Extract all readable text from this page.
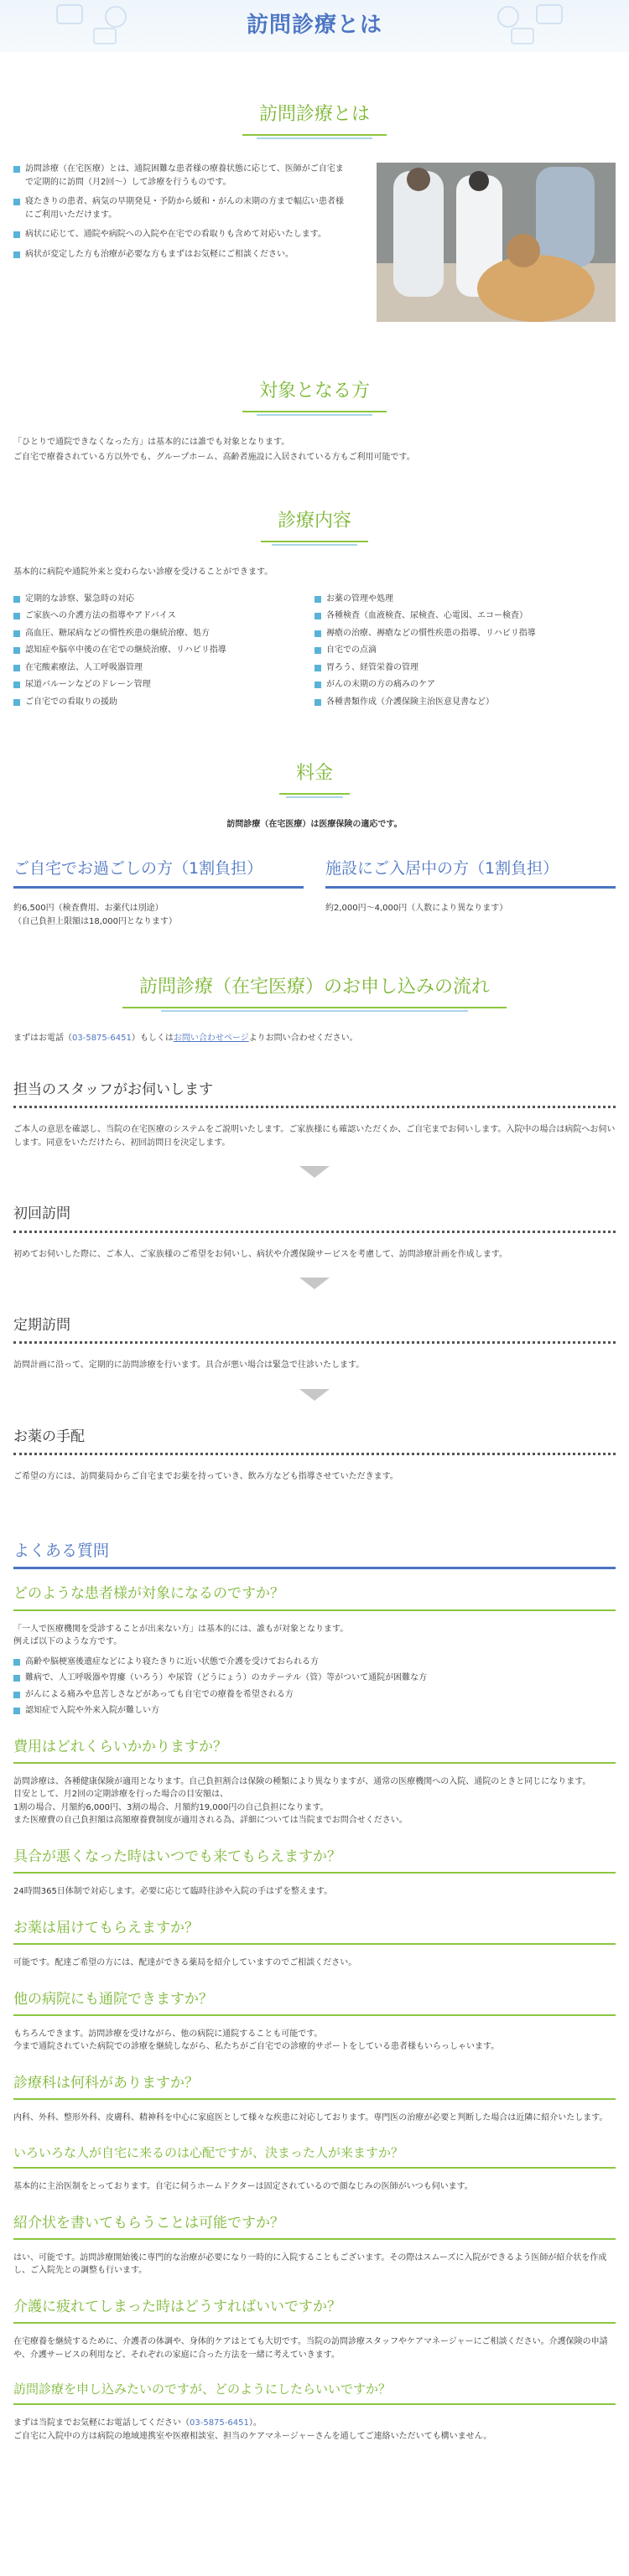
訪問診療とは
訪問診療とは
訪問診療（在宅医療）とは、通院困難な患者様の療養状態に応じて、医師がご自宅まで定期的に訪問（月2回〜）して診療を行うものです。
寝たきりの患者、病気の早期発見・予防から緩和・がんの末期の方まで幅広い患者様にご利用いただけます。
病状に応じて、通院や病院への入院や在宅での看取りも含めて対応いたします。
病状が変定した方も治療が必要な方もまずはお気軽にご相談ください。
対象となる方

「ひとりで通院できなくなった方」は基本的には誰でも対象となります。

ご自宅で療養されている方以外でも、グループホーム、高齢者施設に入居されている方もご利用可能です。

診療内容

基本的に病院や通院外来と変わらない診療を受けることができます。

定期的な診察、緊急時の対応
ご家族への介護方法の指導やアドバイス
高血圧、糖尿病などの慣性疾患の継続治療、処方
認知症や脳卒中後の在宅での継続治療、リハビリ指導
在宅酸素療法、人工呼吸器管理
尿道バルーンなどのドレーン管理
ご自宅での看取りの援助
お薬の管理や処理
各種検査（血液検査、尿検査、心電図、エコー検査）
褥瘡の治療、褥瘡などの慣性疾患の指導、リハビリ指導
自宅での点滴
胃ろう、経管栄養の管理
がんの末期の方の痛みのケア
各種書類作成（介護保険主治医意見書など）
料金

訪問診療（在宅医療）は医療保険の適応です。

ご自宅でお過ごしの方（1割負担）

約6,500円（検査費用、お薬代は別途）
（自己負担上限額は18,000円となります）

施設にご入居中の方（1割負担）

約2,000円〜4,000円（人数により異なります）

訪問診療（在宅医療）のお申し込みの流れ

まずはお電話（03-5875-6451）もしくはお問い合わせページよりお問い合わせください。

担当のスタッフがお伺いします

ご本人の意思を確認し、当院の在宅医療のシステムをご説明いたします。ご家族様にも確認いただくか、ご自宅までお伺いします。入院中の場合は病院へお伺いします。同意をいただけたら、初回訪問日を決定します。

初回訪問

初めてお伺いした際に、ご本人、ご家族様のご希望をお伺いし、病状や介護保険サービスを考慮して、訪問診療計画を作成します。

定期訪問

訪問計画に沿って、定期的に訪問診療を行います。具合が悪い場合は緊急で往診いたします。

お薬の手配

ご希望の方には、訪問薬局からご自宅までお薬を持っていき、飲み方なども指導させていただきます。

よくある質問
どのような患者様が対象になるのですか？

「一人で医療機関を受診することが出来ない方」は基本的には、誰もが対象となります。
例えば以下のような方です。

高齢や脳梗塞後遺症などにより寝たきりに近い状態で介護を受けておられる方
難病で、人工呼吸器や胃瘻（いろう）や尿管（どうにょう）のカテーテル（管）等がついて通院が困難な方
がんによる痛みや息苦しさなどがあっても自宅での療養を希望される方
認知症で入院や外来入院が難しい方
費用はどれくらいかかりますか？

訪問診療は、各種健康保険が適用となります。自己負担割合は保険の種類により異なりますが、通常の医療機関への入院、通院のときと同じになります。
目安として、月2回の定期診療を行った場合の目安額は、
1割の場合、月額約6,000円、3割の場合、月額約19,000円の自己負担になります。
また医療費の自己負担額は高額療養費制度が適用される為、詳細については当院までお問合せください。

具合が悪くなった時はいつでも来てもらえますか？

24時間365日体制で対応します。必要に応じて臨時往診や入院の手はずを整えます。

お薬は届けてもらえますか？

可能です。配達ご希望の方には、配達ができる薬局を紹介していますのでご相談ください。

他の病院にも通院できますか？

もちろんできます。訪問診療を受けながら、他の病院に通院することも可能です。
今まで通院されていた病院での診療を継続しながら、私たちがご自宅での診療的サポートをしている患者様もいらっしゃいます。

診療科は何科がありますか？

内科、外科、整形外科、皮膚科、精神科を中心に家庭医として様々な疾患に対応しております。専門医の治療が必要と判断した場合は近隣に紹介いたします。

いろいろな人が自宅に来るのは心配ですが、決まった人が来ますか？

基本的に主治医制をとっております。自宅に伺うホームドクターは固定されているので顔なじみの医師がいつも伺います。

紹介状を書いてもらうことは可能ですか？

はい、可能です。訪問診療開始後に専門的な治療が必要になり一時的に入院することもございます。その際はスムーズに入院ができるよう医師が紹介状を作成し、ご入院先との調整も行います。

介護に疲れてしまった時はどうすればいいですか？

在宅療養を継続するために、介護者の体調や、身体的ケアはとても大切です。当院の訪問診療スタッフやケアマネージャーにご相談ください。介護保険の申請や、介護サービスの利用など、それぞれの家庭に合った方法を一緒に考えていきます。

訪問診療を申し込みたいのですが、どのようにしたらいいですか？

まずは当院までお気軽にお電話してください（03-5875-6451）。
ご自宅に入院中の方は病院の地域連携室や医療相談室、担当のケアマネージャーさんを通してご連絡いただいても構いません。
